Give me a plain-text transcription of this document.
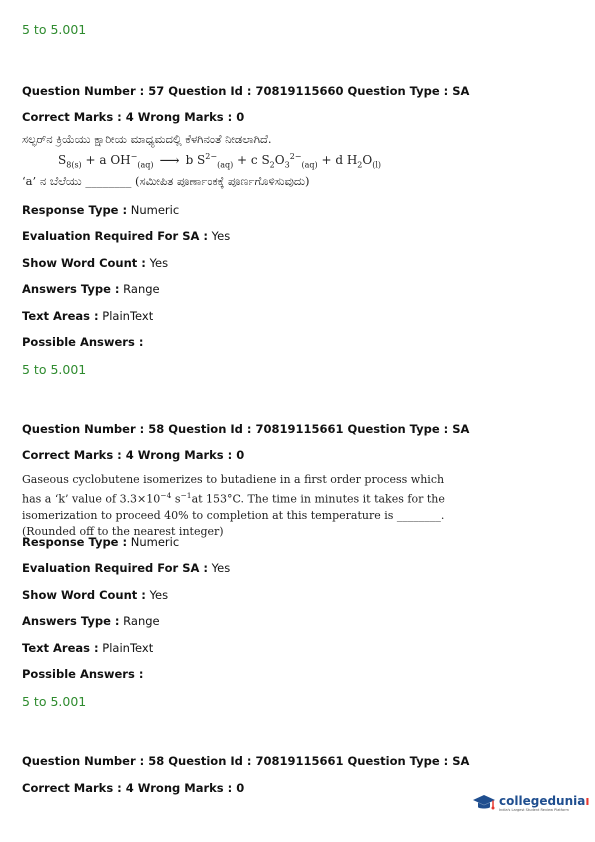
5 to 5.001
Question Number : 57 Question Id : 70819115660 Question Type : SA
Correct Marks : 4 Wrong Marks : 0
ಸಲ್ಫರ್‌ನ ಕ್ರಿಯೆಯು ಕ್ಷಾರೀಯ ಮಾಧ್ಯಮದಲ್ಲಿ ಕೆಳಗಿನಂತೆ ನೀಡಲಾಗಿದೆ.
$S_{8(s)} + a$ $OH^-_{(aq)}$ ⟶ b $S^{2-}_{(aq)} + c$ $S_2O_3^{2-}_{(aq)} + d$ $H_2O_{(l)}$
‘a’ ನ ಬೆಲೆಯು ________ (ಸಮೀಪಿತ ಪೂರ್ಣಾಂಕಕ್ಕೆ ಪೂರ್ಣಗೊಳಿಸುವುದು)
Response Type : Numeric
Evaluation Required For SA : Yes
Show Word Count : Yes
Answers Type : Range
Text Areas : PlainText
Possible Answers :
5 to 5.001
Question Number : 58 Question Id : 70819115661 Question Type : SA
Correct Marks : 4 Wrong Marks : 0
Gaseous cyclobutene isomerizes to butadiene in a first order process which has a ‘k’ value of $3.3\times 10^{-4}$ $s^{-1}at$ 153°C. The time in minutes it takes for the isomerization to proceed 40% to completion at this temperature is ________. (Rounded off to the nearest integer)
Response Type : Numeric
Evaluation Required For SA : Yes
Show Word Count : Yes
Answers Type : Range
Text Areas : PlainText
Possible Answers :
5 to 5.001
Question Number : 58 Question Id : 70819115661 Question Type : SA
Correct Marks : 4 Wrong Marks : 0
collegeduniaı
India's Largest Student Review Platform
